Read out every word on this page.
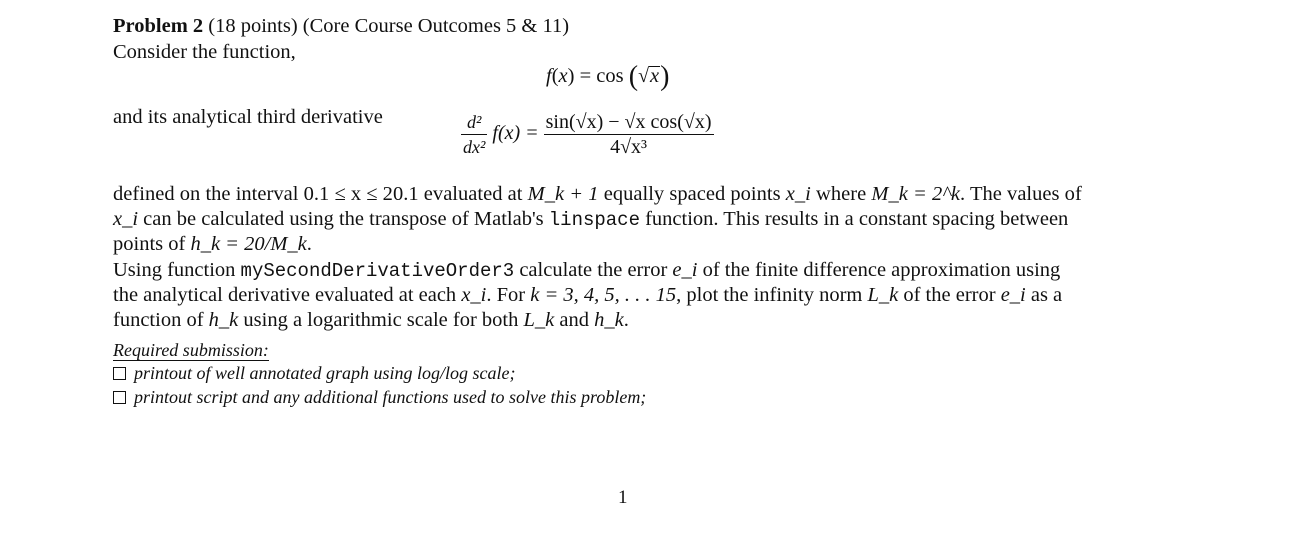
Problem 2 (18 points) (Core Course Outcomes 5 & 11)
Consider the function,
f(x) = cos (√x)
and its analytical third derivative	$\frac{\text{d²}}{\text{dx²}} f(x) = \frac{\text{sin(√x) − √x cos(√x)}}{\text{4√x³}}$
defined on the interval 0.1 ≤ x ≤ 20.1 evaluated at M_k + 1 equally spaced points x_i where M_k = 2^k. The values of
x_i can be calculated using the transpose of Matlab's linspace function. This results in a constant spacing between
points of h_k = 20/M_k.
Using function mySecondDerivativeOrder3 calculate the error e_i of the finite difference approximation using
the analytical derivative evaluated at each x_i. For k = 3, 4, 5, . . . 15, plot the infinity norm L_k of the error e_i as a
function of h_k using a logarithmic scale for both L_k and h_k.
Required submission:
printout of well annotated graph using log/log scale;
printout script and any additional functions used to solve this problem;
1
